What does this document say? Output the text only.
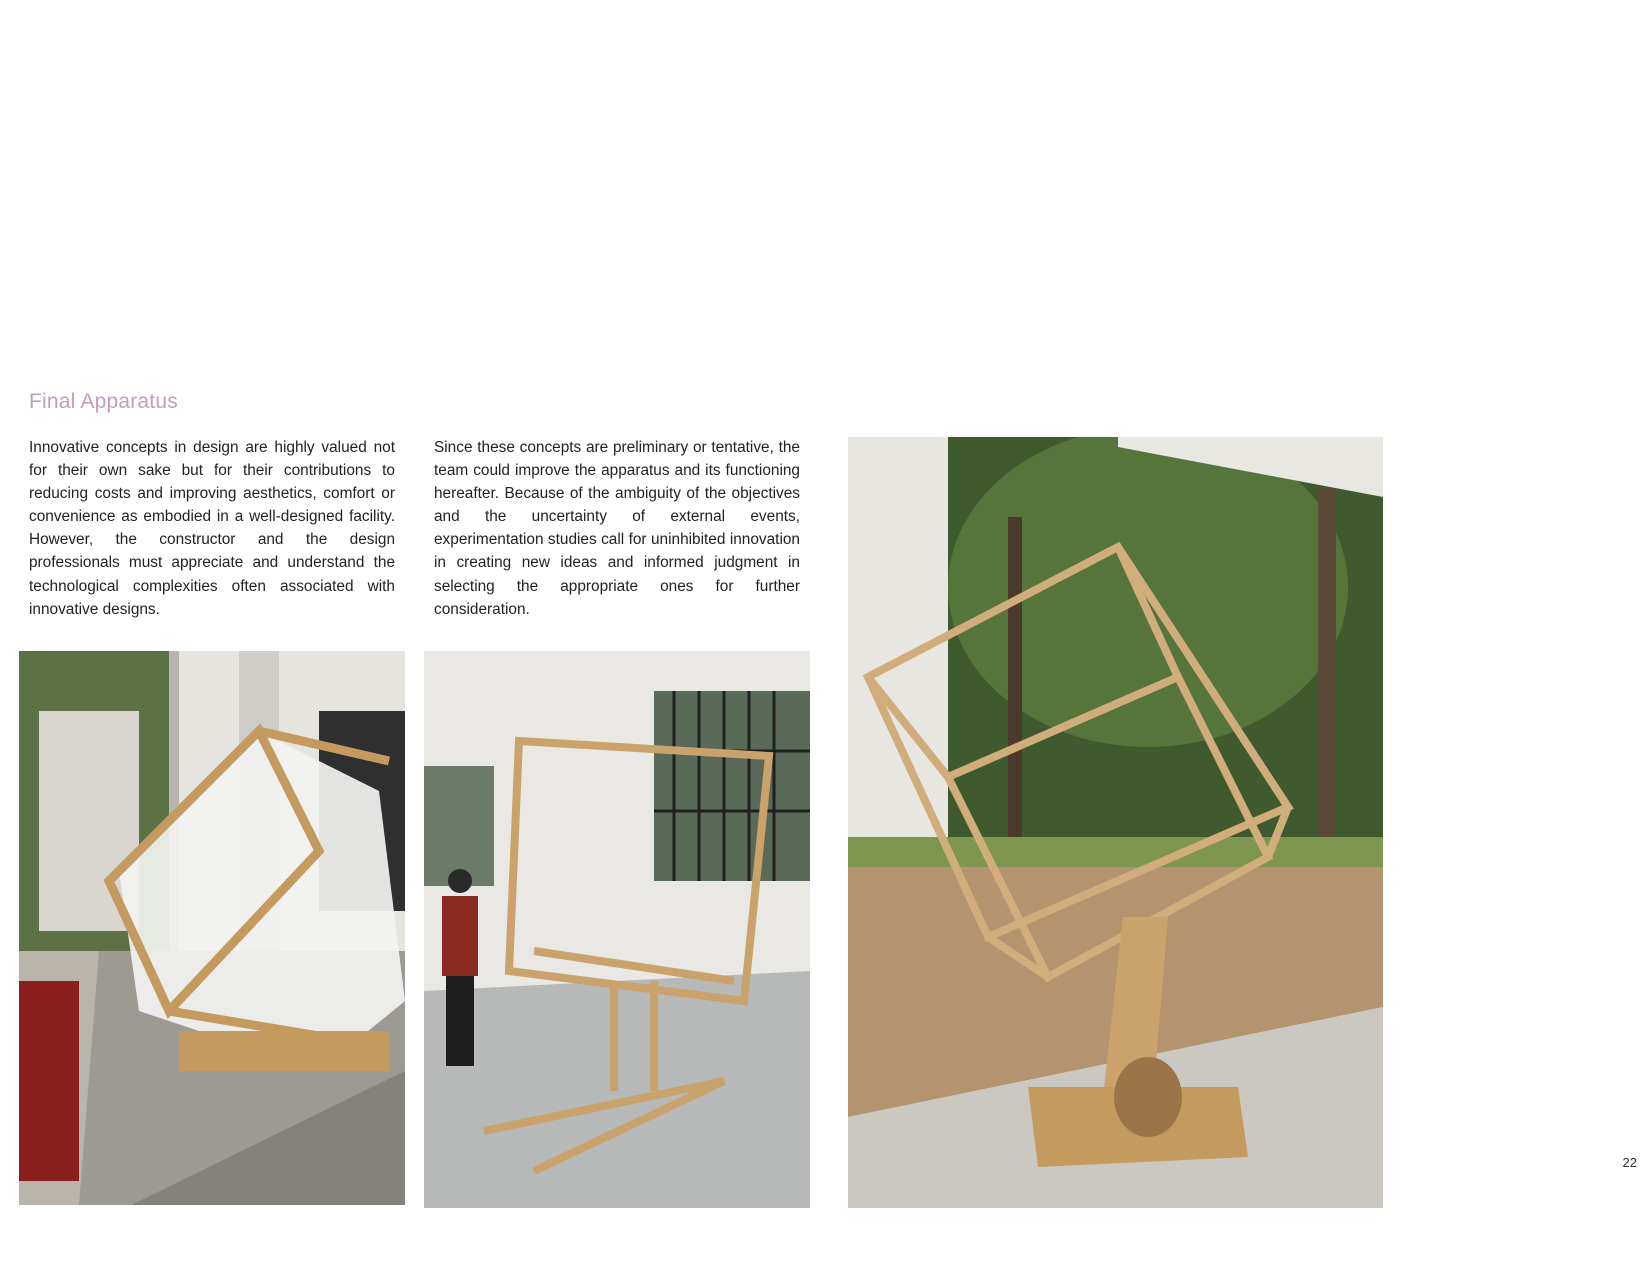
Final Apparatus

Innovative concepts in design are highly valued not for their own sake but for their contributions to reducing costs and improving aesthetics, comfort or convenience as embodied in a well-designed facility. However, the constructor and the design professionals must appreciate and understand the technological complexities often associated with innovative designs.

Since these concepts are preliminary or tentative, the team could improve the apparatus and its functioning hereafter. Because of the ambiguity of the objectives and the uncertainty of external events, experimentation studies call for uninhibited innovation in creating new ideas and informed judgment in selecting the appropriate ones for further consideration.

22
